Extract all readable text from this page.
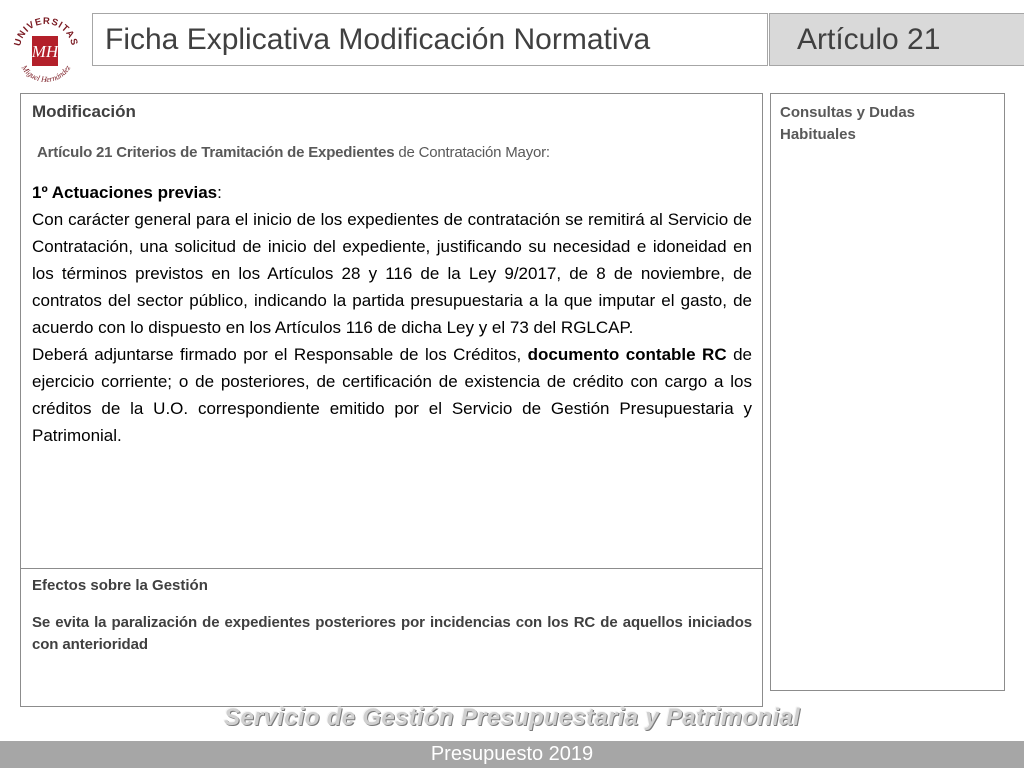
UNIVERSITAS
Miguel Hernández
MH	Ficha Explicativa Modificación Normativa	Artículo 21
Modificación
Artículo 21 Criterios de Tramitación de Expedientes de Contratación Mayor:

1º Actuaciones previas:

Con carácter general para el inicio de los expedientes de contratación se remitirá al Servicio de Contratación, una solicitud de inicio del expediente, justificando su necesidad e idoneidad en los términos previstos en los Artículos 28 y 116 de la Ley 9/2017, de 8 de noviembre, de contratos del sector público, indicando la partida presupuestaria a la que imputar el gasto, de acuerdo con lo dispuesto en los Artículos 116 de dicha Ley y el 73 del RGLCAP.

Deberá adjuntarse firmado por el Responsable de los Créditos, documento contable RC de ejercicio corriente; o de posteriores, de certificación de existencia de crédito con cargo a los créditos de la U.O. correspondiente emitido por el Servicio de Gestión Presupuestaria y Patrimonial.

Efectos sobre la Gestión
Se evita la paralización de expedientes posteriores por incidencias con los RC de aquellos iniciados con anterioridad
Consultas y Dudas Habituales
Servicio de Gestión Presupuestaria y Patrimonial
Presupuesto 2019
